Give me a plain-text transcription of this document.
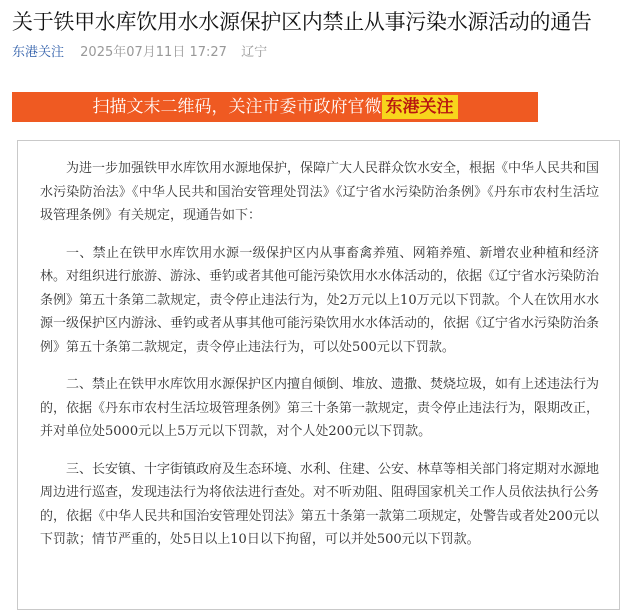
关于铁甲水库饮用水水源保护区内禁止从事污染水源活动的通告
东港关注 2025年07月11日 17:27 辽宁
扫描文末二维码，关注市委市政府官微 东港关注

为进一步加强铁甲水库饮用水源地保护，保障广大人民群众饮水安全，根据《中华人民共和国水污染防治法》《中华人民共和国治安管理处罚法》《辽宁省水污染防治条例》《丹东市农村生活垃圾管理条例》有关规定，现通告如下：

一、禁止在铁甲水库饮用水源一级保护区内从事畜禽养殖、网箱养殖、新增农业种植和经济林。对组织进行旅游、游泳、垂钓或者其他可能污染饮用水水体活动的，依据《辽宁省水污染防治条例》第五十条第二款规定，责令停止违法行为，处2万元以上10万元以下罚款。个人在饮用水水源一级保护区内游泳、垂钓或者从事其他可能污染饮用水水体活动的，依据《辽宁省水污染防治条例》第五十条第二款规定，责令停止违法行为，可以处500元以下罚款。

二、禁止在铁甲水库饮用水源保护区内擅自倾倒、堆放、遗撒、焚烧垃圾，如有上述违法行为的，依据《丹东市农村生活垃圾管理条例》第三十条第一款规定，责令停止违法行为，限期改正，并对单位处5000元以上5万元以下罚款，对个人处200元以下罚款。

三、长安镇、十字街镇政府及生态环境、水利、住建、公安、林草等相关部门将定期对水源地周边进行巡查，发现违法行为将依法进行查处。对不听劝阻、阻碍国家机关工作人员依法执行公务的，依据《中华人民共和国治安管理处罚法》第五十条第一款第二项规定，处警告或者处200元以下罚款；情节严重的，处5日以上10日以下拘留，可以并处500元以下罚款。
